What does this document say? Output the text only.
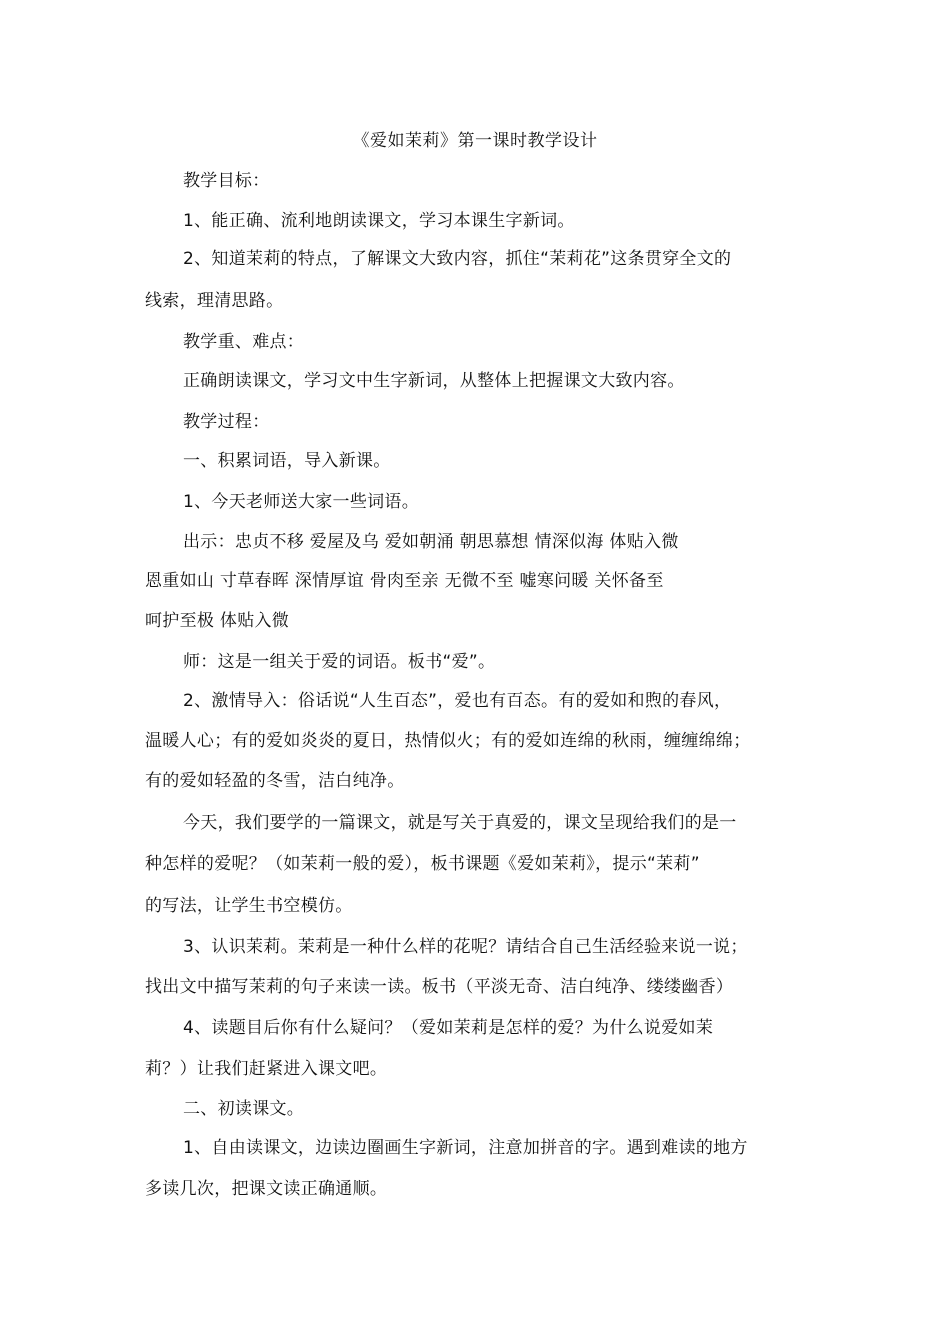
《爱如茉莉》第一课时教学设计
教学目标：
1、能正确、流利地朗读课文，学习本课生字新词。
2、知道茉莉的特点，了解课文大致内容，抓住“茉莉花”这条贯穿全文的
线索，理清思路。
教学重、难点：
正确朗读课文，学习文中生字新词，从整体上把握课文大致内容。
教学过程：
一、积累词语，导入新课。
1、今天老师送大家一些词语。
出示：忠贞不移 爱屋及乌 爱如朝涌 朝思慕想 情深似海 体贴入微
恩重如山 寸草春晖 深情厚谊 骨肉至亲 无微不至 嘘寒问暖 关怀备至
呵护至极 体贴入微
师：这是一组关于爱的词语。板书“爱”。
2、激情导入：俗话说“人生百态”，爱也有百态。有的爱如和煦的春风，
温暖人心；有的爱如炎炎的夏日，热情似火；有的爱如连绵的秋雨，缠缠绵绵；
有的爱如轻盈的冬雪，洁白纯净。
今天，我们要学的一篇课文，就是写关于真爱的，课文呈现给我们的是一
种怎样的爱呢？（如茉莉一般的爱），板书课题《爱如茉莉》，提示“茉莉”
的写法，让学生书空模仿。
3、认识茉莉。茉莉是一种什么样的花呢？请结合自己生活经验来说一说；
找出文中描写茉莉的句子来读一读。板书（平淡无奇、洁白纯净、缕缕幽香）
4、读题目后你有什么疑问？（爱如茉莉是怎样的爱？为什么说爱如茉
莉？）让我们赶紧进入课文吧。
二、初读课文。
1、自由读课文，边读边圈画生字新词，注意加拼音的字。遇到难读的地方
多读几次，把课文读正确通顺。
